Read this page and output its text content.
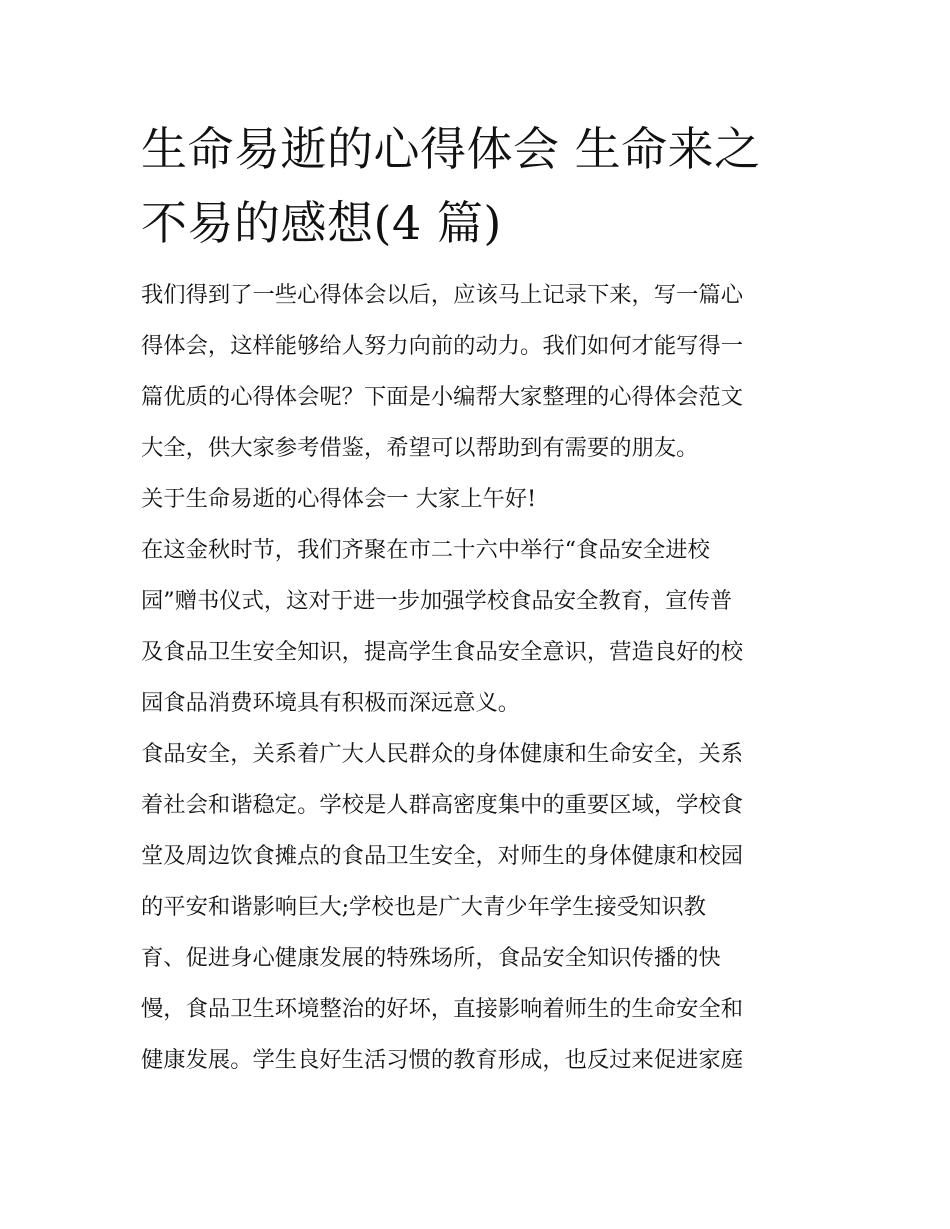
生命易逝的心得体会 生命来之
不易的感想(4 篇)

我们得到了一些心得体会以后，应该马上记录下来，写一篇心
得体会，这样能够给人努力向前的动力。我们如何才能写得一
篇优质的心得体会呢？下面是小编帮大家整理的心得体会范文
大全，供大家参考借鉴，希望可以帮助到有需要的朋友。

关于生命易逝的心得体会一 大家上午好!

在这金秋时节，我们齐聚在市二十六中举行“食品安全进校
园”赠书仪式，这对于进一步加强学校食品安全教育，宣传普
及食品卫生安全知识，提高学生食品安全意识，营造良好的校
园食品消费环境具有积极而深远意义。

食品安全，关系着广大人民群众的身体健康和生命安全，关系
着社会和谐稳定。学校是人群高密度集中的重要区域，学校食
堂及周边饮食摊点的食品卫生安全，对师生的身体健康和校园
的平安和谐影响巨大;学校也是广大青少年学生接受知识教
育、促进身心健康发展的特殊场所，食品安全知识传播的快
慢，食品卫生环境整治的好坏，直接影响着师生的生命安全和
健康发展。学生良好生活习惯的教育形成，也反过来促进家庭
